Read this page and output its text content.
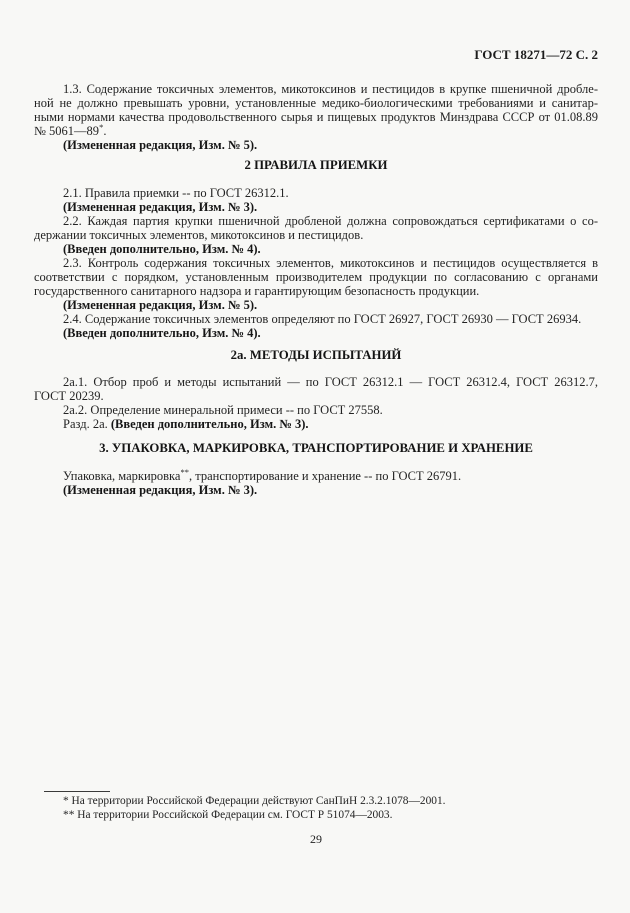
ГОСТ 18271—72 С. 2
1.3. Содержание токсичных элементов, микотоксинов и пестицидов в крупке пшеничной дробле-
ной не должно превышать уровни, установленные медико-биологическими требованиями и санитар-
ными нормами качества продовольственного сырья и пищевых продуктов Минздрава СССР от 01.08.89
№ 5061—89*.
(Измененная редакция, Изм. № 5).
2 ПРАВИЛА ПРИЕМКИ
2.1. Правила приемки -- по ГОСТ 26312.1.
(Измененная редакция, Изм. № 3).
2.2. Каждая партия крупки пшеничной дробленой должна сопровождаться сертификатами о со-
держании токсичных элементов, микотоксинов и пестицидов.
(Введен дополнительно, Изм. № 4).
2.3. Контроль содержания токсичных элементов, микотоксинов и пестицидов осуществляется в
соответствии с порядком, установленным производителем продукции по согласованию с органами
государственного санитарного надзора и гарантирующим безопасность продукции.
(Измененная редакция, Изм. № 5).
2.4. Содержание токсичных элементов определяют по ГОСТ 26927, ГОСТ 26930 — ГОСТ 26934.
(Введен дополнительно, Изм. № 4).
2а. МЕТОДЫ ИСПЫТАНИЙ
2а.1. Отбор проб и методы испытаний — по ГОСТ 26312.1 — ГОСТ 26312.4, ГОСТ 26312.7,
ГОСТ 20239.
2а.2. Определение минеральной примеси -- по ГОСТ 27558.
Разд. 2а. (Введен дополнительно, Изм. № 3).
3. УПАКОВКА, МАРКИРОВКА, ТРАНСПОРТИРОВАНИЕ И ХРАНЕНИЕ
Упаковка, маркировка**, транспортирование и хранение -- по ГОСТ 26791.
(Измененная редакция, Изм. № 3).
* На территории Российской Федерации действуют СанПиН 2.3.2.1078—2001.
** На территории Российской Федерации см. ГОСТ Р 51074—2003.
29
